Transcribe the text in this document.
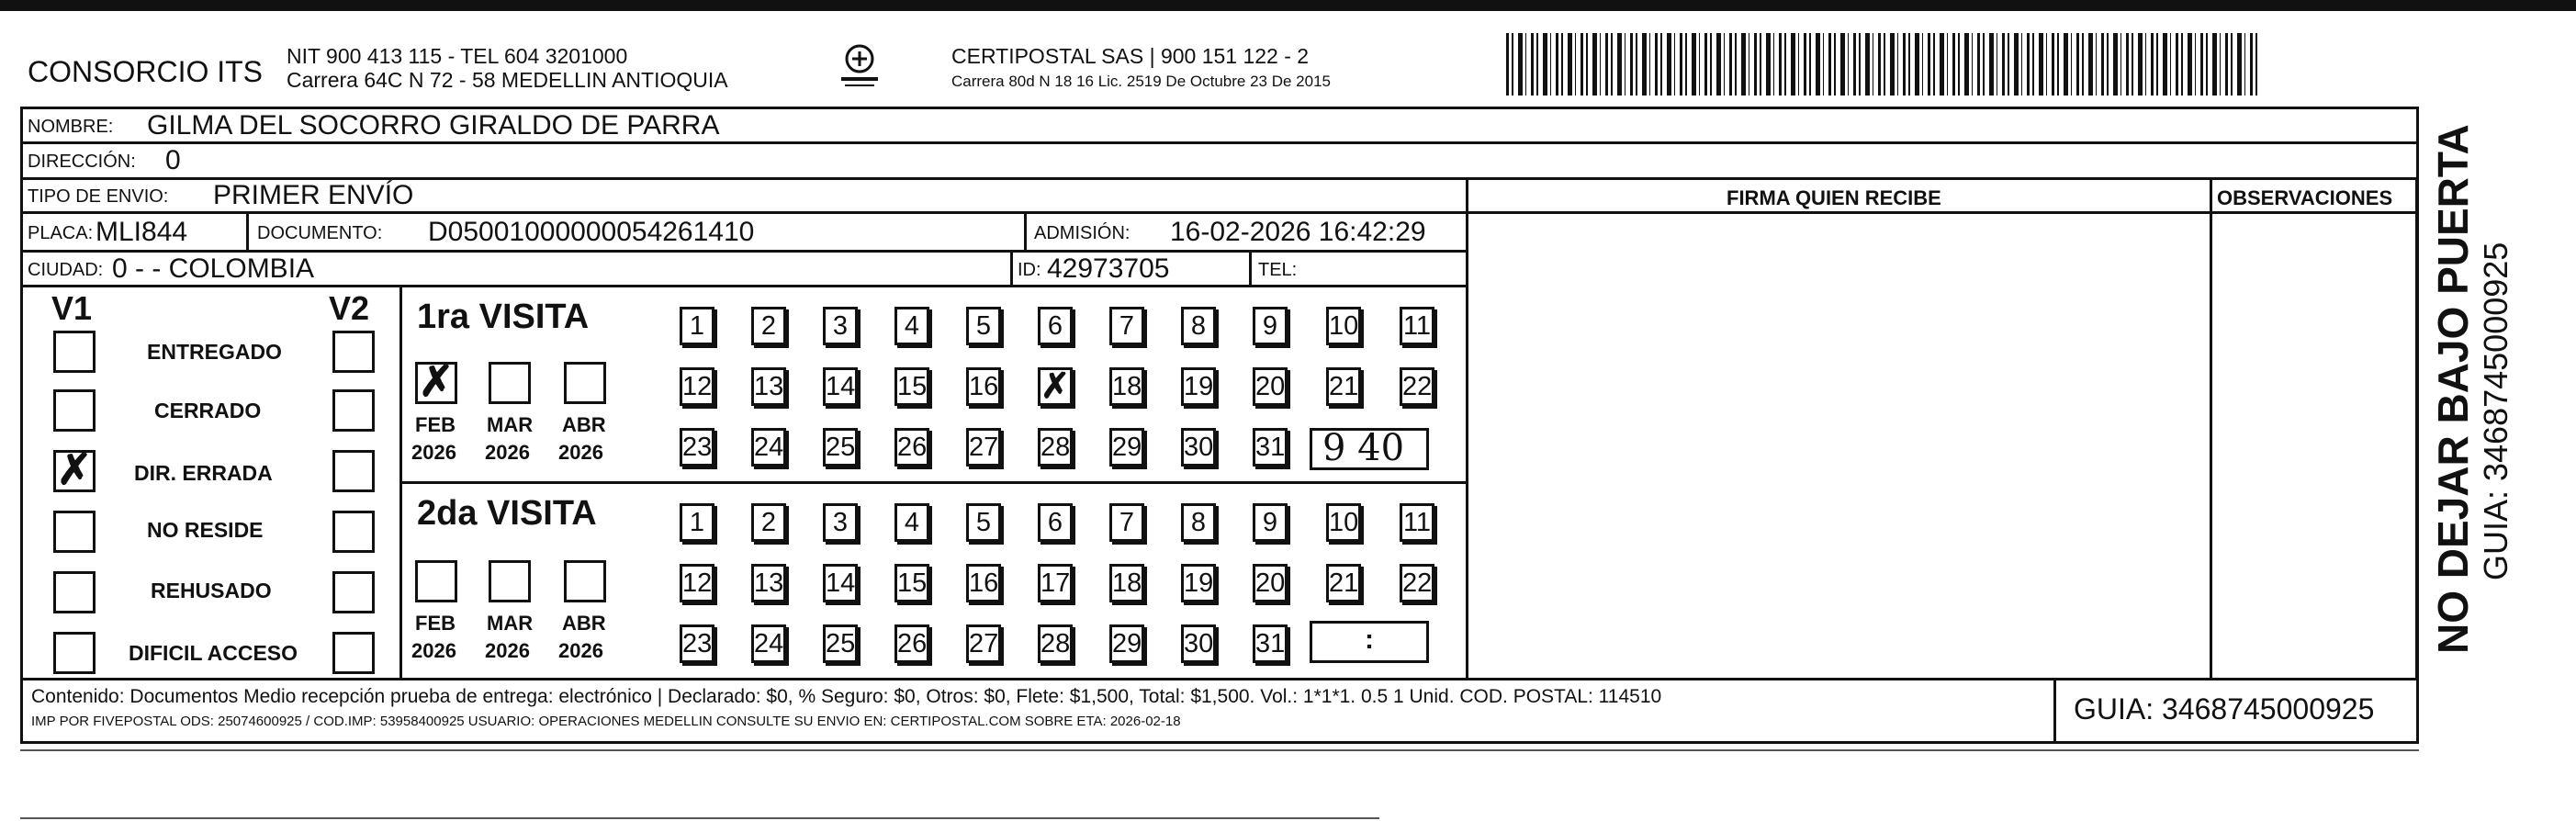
CONSORCIO ITS NIT 900 413 115 - TEL 604 3201000
Carrera 64C N 72 - 58 MEDELLIN ANTIOQUIA
CERTIPOSTAL SAS | 900 151 122 - 2
Carrera 80d N 18 16 Lic. 2519 De Octubre 23 De 2015
NOMBRE: GILMA DEL SOCORRO GIRALDO DE PARRA
DIRECCIÓN: 0
TIPO DE ENVIO: PRIMER ENVÍO	FIRMA QUIEN RECIBE	OBSERVACIONES
PLACA: MLI844	DOCUMENTO: D05001000000054261410	ADMISIÓN: 16-02-2026 16:42:29
CIUDAD: 0 - - COLOMBIA	ID: 42973705	TEL:
V1	V2
ENTREGADO
CERRADO
✗ DIR. ERRADA
NO RESIDE
REHUSADO
DIFICIL ACCESO
1ra VISITA
✗
FEB MAR ABR
2026 2026 2026
1	2	3	4	5	6	7	8	9	10 11
12 13 14 15 16 ✗ 18 19 20 21 22
23 24 25 26 27 28 29 30 31 9 40
2da VISITA
FEB MAR ABR
2026 2026 2026
1	2	3	4	5	6	7	8	9	10 11
12 13 14 15 16 17 18 19 20 21 22
23 24 25 26 27 28 29 30 31	:
Contenido: Documentos Medio recepción prueba de entrega: electrónico | Declarado: $0, % Seguro: $0, Otros: $0, Flete: $1,500, Total: $1,500. Vol.: 1*1*1. 0.5 1 Unid. COD. POSTAL: 114510
IMP POR FIVEPOSTAL ODS: 25074600925 / COD.IMP: 53958400925 USUARIO: OPERACIONES MEDELLIN CONSULTE SU ENVIO EN: CERTIPOSTAL.COM SOBRE ETA: 2026-02-18	GUIA: 3468745000925
NO DEJAR BAJO PUERTA GUIA: 3468745000925
